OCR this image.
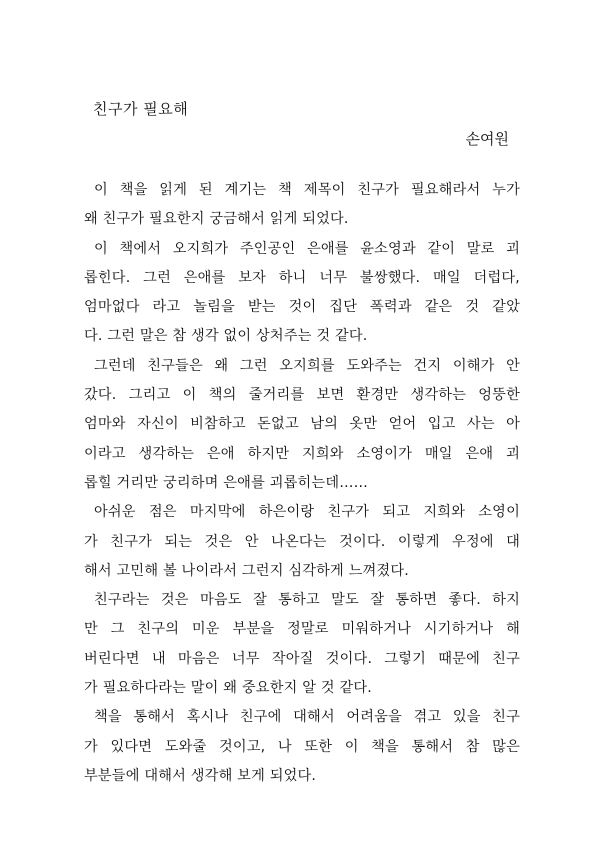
친구가 필요해
손여원
이 책을 읽게 된 계기는 책 제목이 친구가 필요해라서 누가
왜 친구가 필요한지 궁금해서 읽게 되었다.
이 책에서 오지희가 주인공인 은애를 윤소영과 같이 말로 괴
롭힌다. 그런 은애를 보자 하니 너무 불쌍했다. 매일 더럽다,
엄마없다 라고 놀림을 받는 것이 집단 폭력과 같은 것 같았
다. 그런 말은 참 생각 없이 상처주는 것 같다.
그런데 친구들은 왜 그런 오지희를 도와주는 건지 이해가 안
갔다. 그리고 이 책의 줄거리를 보면 환경만 생각하는 엉뚱한
엄마와 자신이 비참하고 돈없고 남의 옷만 얻어 입고 사는 아
이라고 생각하는 은애 하지만 지희와 소영이가 매일 은애 괴
롭힐 거리만 궁리하며 은애를 괴롭히는데……
아쉬운 점은 마지막에 하은이랑 친구가 되고 지희와 소영이
가 친구가 되는 것은 안 나온다는 것이다. 이렇게 우정에 대
해서 고민해 볼 나이라서 그런지 심각하게 느껴졌다.
친구라는 것은 마음도 잘 통하고 말도 잘 통하면 좋다. 하지
만 그 친구의 미운 부분을 정말로 미워하거나 시기하거나 해
버린다면 내 마음은 너무 작아질 것이다. 그렇기 때문에 친구
가 필요하다라는 말이 왜 중요한지 알 것 같다.
책을 통해서 혹시나 친구에 대해서 어려움을 겪고 있을 친구
가 있다면 도와줄 것이고, 나 또한 이 책을 통해서 참 많은
부분들에 대해서 생각해 보게 되었다.
